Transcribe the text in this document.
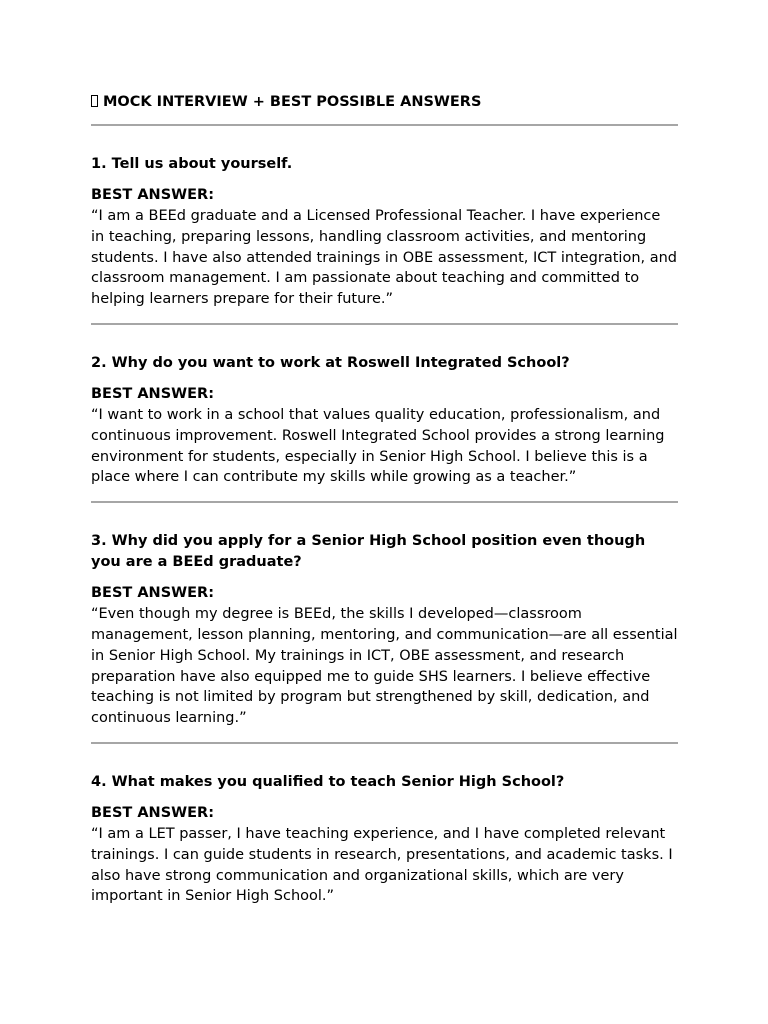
MOCK INTERVIEW + BEST POSSIBLE ANSWERS

1. Tell us about yourself.

BEST ANSWER:

“I am a BEEd graduate and a Licensed Professional Teacher. I have experience in teaching, preparing lessons, handling classroom activities, and mentoring students. I have also attended trainings in OBE assessment, ICT integration, and classroom management. I am passionate about teaching and committed to helping learners prepare for their future.”

2. Why do you want to work at Roswell Integrated School?

BEST ANSWER:

“I want to work in a school that values quality education, professionalism, and continuous improvement. Roswell Integrated School provides a strong learning environment for students, especially in Senior High School. I believe this is a place where I can contribute my skills while growing as a teacher.”

3. Why did you apply for a Senior High School position even though you are a BEEd graduate?

BEST ANSWER:

“Even though my degree is BEEd, the skills I developed—classroom management, lesson planning, mentoring, and communication—are all essential in Senior High School. My trainings in ICT, OBE assessment, and research preparation have also equipped me to guide SHS learners. I believe effective teaching is not limited by program but strengthened by skill, dedication, and continuous learning.”

4. What makes you qualified to teach Senior High School?

BEST ANSWER:

“I am a LET passer, I have teaching experience, and I have completed relevant trainings. I can guide students in research, presentations, and academic tasks. I also have strong communication and organizational skills, which are very important in Senior High School.”
